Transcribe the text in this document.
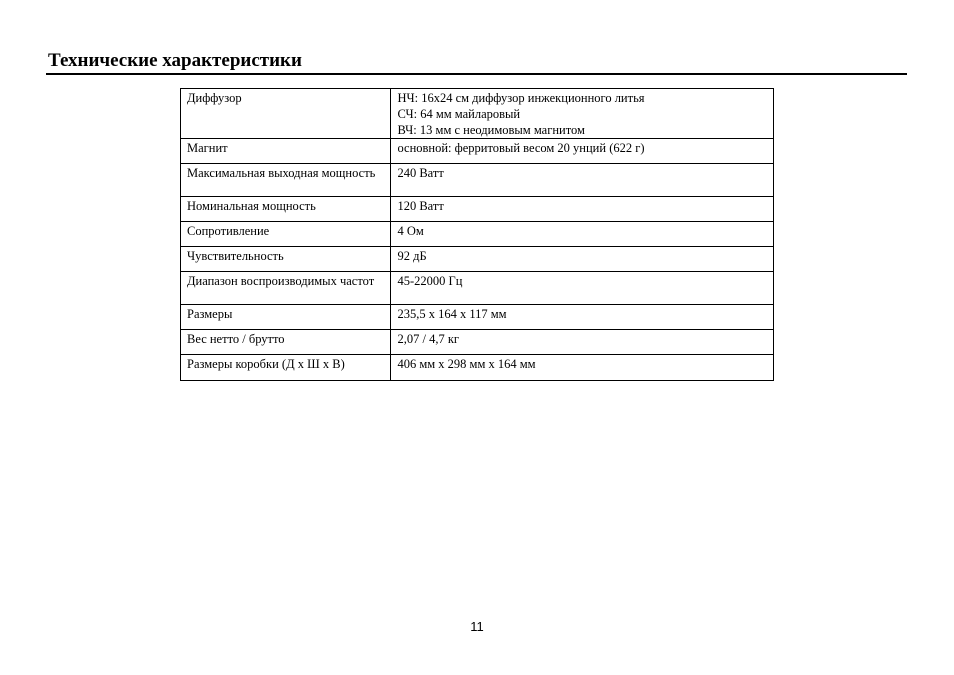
Технические характеристики
Диффузор	НЧ: 16х24 см диффузор инжекционного литья
СЧ: 64 мм майларовый
ВЧ: 13 мм с неодимовым магнитом

Магнит	основной: ферритовый весом 20 унций (622 г)

Максимальная выходная мощность	240 Ватт

Номинальная мощность	120 Ватт

Сопротивление	4 Ом

Чувствительность	92 дБ

Диапазон воспроизводимых частот	45-22000 Гц

Размеры	235,5 х 164 х 117 мм

Вес нетто / брутто	2,07 / 4,7 кг

Размеры коробки (Д х Ш х В)	406 мм х 298 мм х 164 мм
11
